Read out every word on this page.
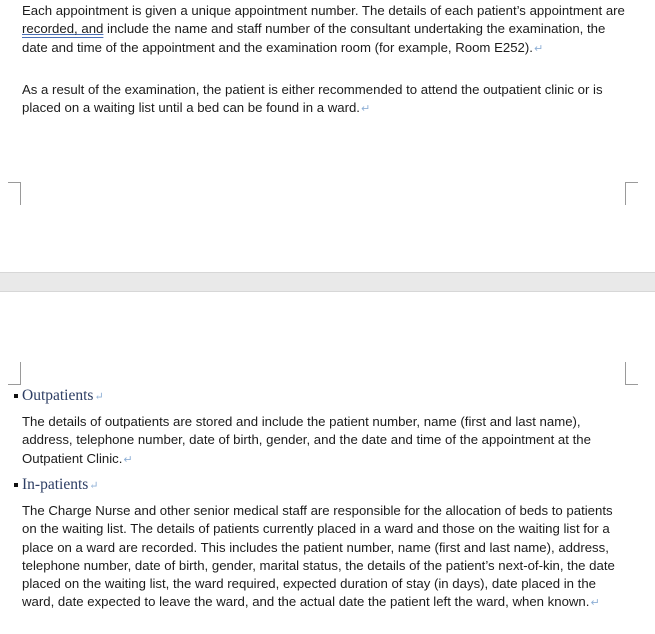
Each appointment is given a unique appointment number. The details of each patient’s appointment are recorded, and include the name and staff number of the consultant undertaking the examination, the date and time of the appointment and the examination room (for example, Room E252).↵

As a result of the examination, the patient is either recommended to attend the outpatient clinic or is placed on a waiting list until a bed can be found in a ward.↵

Outpatients ↵

The details of outpatients are stored and include the patient number, name (first and last name), address, telephone number, date of birth, gender, and the date and time of the appointment at the Outpatient Clinic.↵

In-patients ↵

The Charge Nurse and other senior medical staff are responsible for the allocation of beds to patients on the waiting list. The details of patients currently placed in a ward and those on the waiting list for a place on a ward are recorded. This includes the patient number, name (first and last name), address, telephone number, date of birth, gender, marital status, the details of the patient’s next-of-kin, the date placed on the waiting list, the ward required, expected duration of stay (in days), date placed in the ward, date expected to leave the ward, and the actual date the patient left the ward, when known.↵
